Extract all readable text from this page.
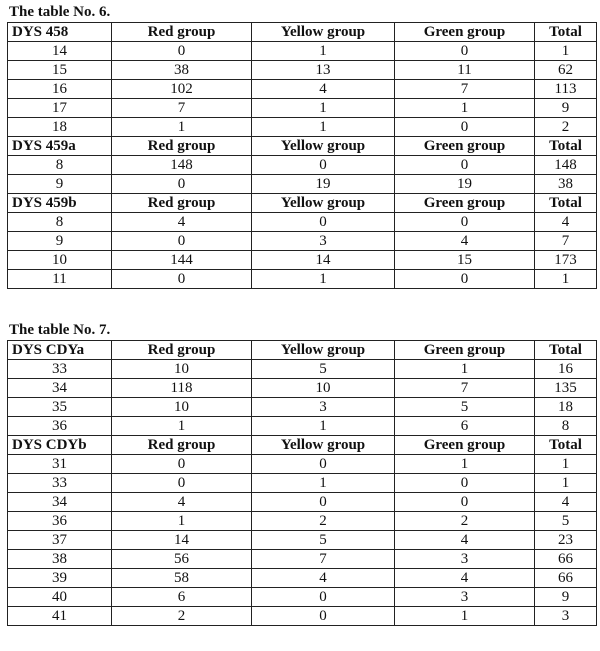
The table No. 6.
DYS 458	Red group	Yellow group	Green group	Total
14	0	1	0	1
15	38	13	11	62
16	102	4	7	113
17	7	1	1	9
18	1	1	0	2
DYS 459a	Red group	Yellow group	Green group	Total
8	148	0	0	148
9	0	19	19	38
DYS 459b	Red group	Yellow group	Green group	Total
8	4	0	0	4
9	0	3	4	7
10	144	14	15	173
11	0	1	0	1
The table No. 7.
DYS CDYa	Red group	Yellow group	Green group	Total
33	10	5	1	16
34	118	10	7	135
35	10	3	5	18
36	1	1	6	8
DYS CDYb	Red group	Yellow group	Green group	Total
31	0	0	1	1
33	0	1	0	1
34	4	0	0	4
36	1	2	2	5
37	14	5	4	23
38	56	7	3	66
39	58	4	4	66
40	6	0	3	9
41	2	0	1	3
